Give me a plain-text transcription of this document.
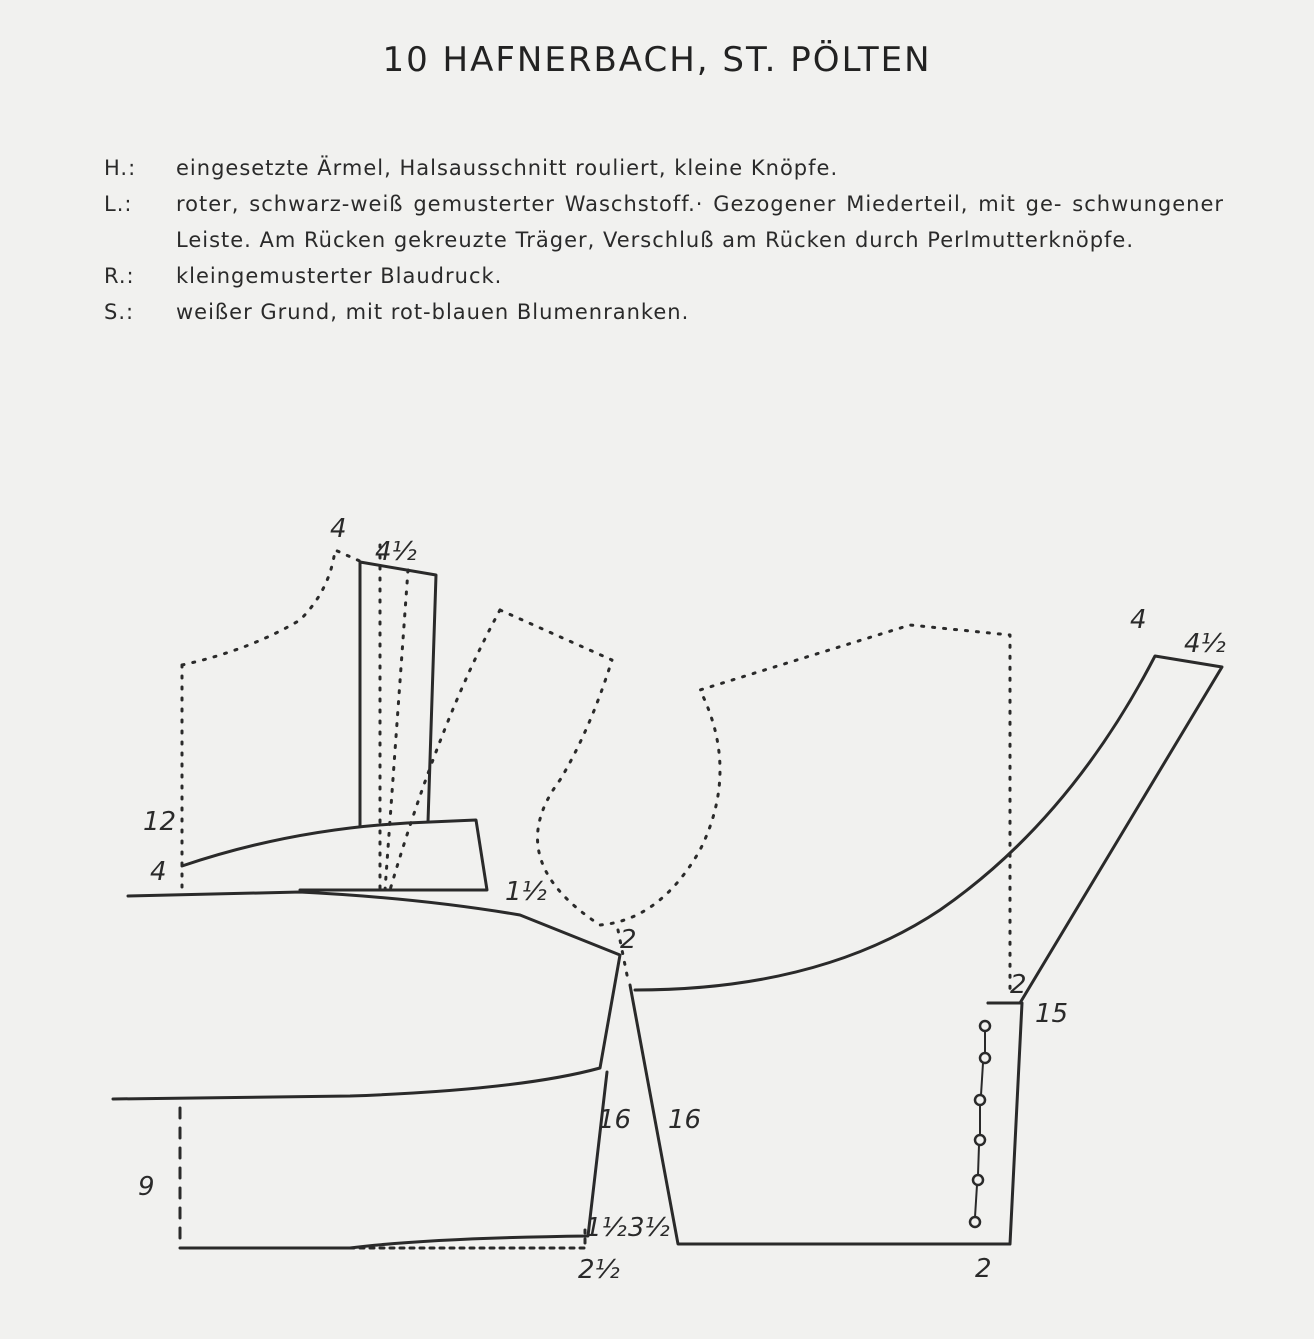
10 HAFNERBACH, ST. PÖLTEN
H.:	eingesetzte Ärmel, Halsausschnitt rouliert, kleine Knöpfe.
L.:	roter, schwarz-weiß gemusterter Waschstoff.· Gezogener Miederteil, mit ge- schwungener Leiste. Am Rücken gekreuzte Träger, Verschluß am Rücken durch Perlmutterknöpfe.
R.:	kleingemusterter Blaudruck.
S.:	weißer Grund, mit rot-blauen Blumenranken.
4
4½
12
4
1½
2
16 16
9
1½ 3½
2½
4
4½
2
15
2
